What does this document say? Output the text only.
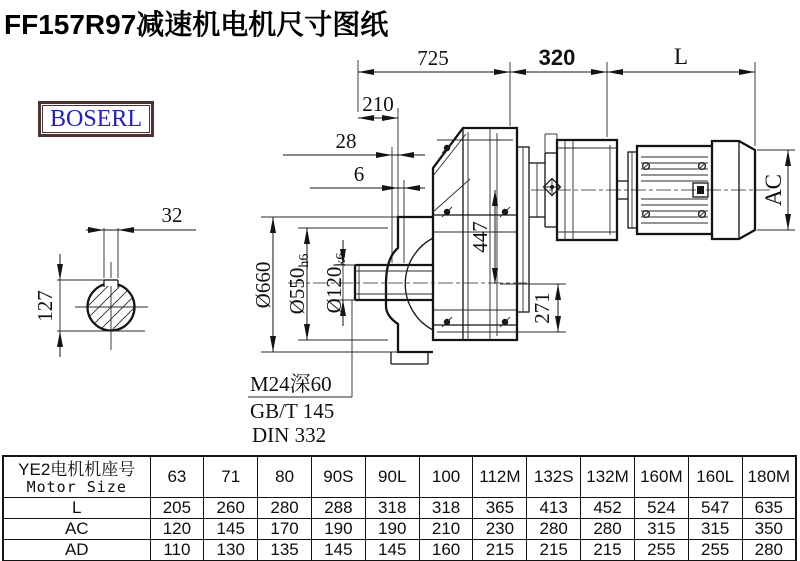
FF157R97减速机电机尺寸图纸
BOSERL
725	320	L
210
28
6
AC
447
271
Ø660 Ø550h6
Ø120k6
M24深60
GB/T 145
DIN 332
32
127
YE2电机机座号
Motor Size	63	71	80	90S	90L	100	112M	132S	132M	160M	160L	180M
L	205	260	280	288	318	318	365	413	452	524	547	635
AC	120	145	170	190	190	210	230	280	280	315	315	350
AD	110	130	135	145	145	160	215	215	215	255	255	280
